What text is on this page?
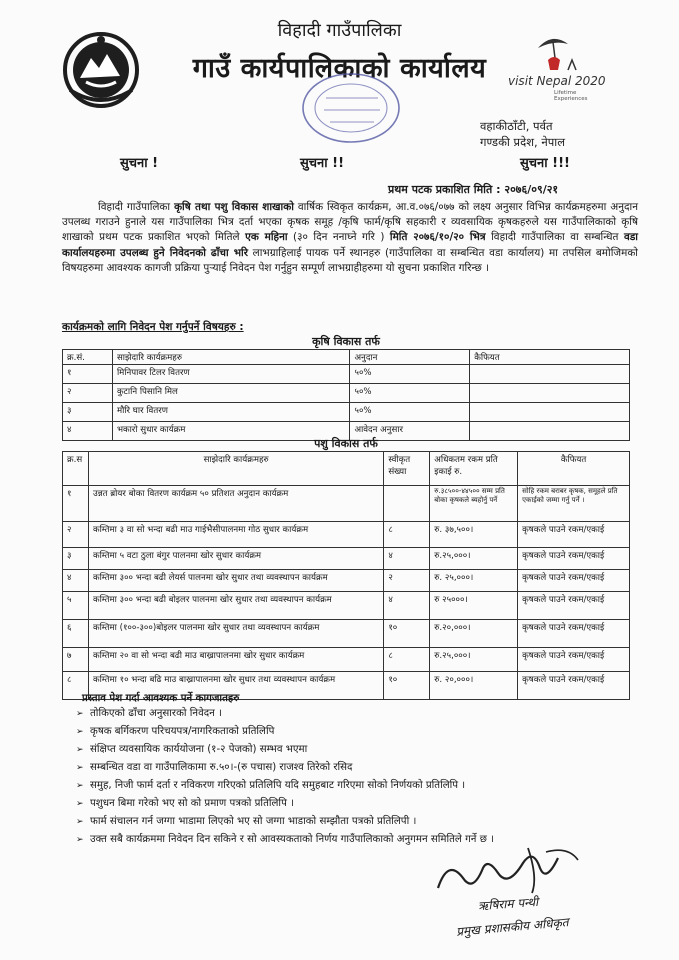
विहादी गाउँपालिका
गाउँ कार्यपालिकाको कार्यालय	visit Nepal 2020
Lifetime Experiences
वहाकीठाँटी, पर्वत
गण्डकी प्रदेश, नेपाल
सुचना !	सुचना !!	सुचना !!!
प्रथम पटक प्रकाशित मिति : २०७६/०९/२१
विहादी गाउँपालिका कृषि तथा पशु विकास शाखाको वार्षिक स्विकृत कार्यक्रम, आ.व.०७६/०७७ को लक्ष्य अनुसार विभिन्न कार्यक्रमहरुमा अनुदान उपलब्ध गराउने हुनाले यस गाउँपालिका भित्र दर्ता भएका कृषक समूह /कृषि फार्म/कृषि सहकारी र व्यवसायिक कृषकहरुले यस गाउँपालिकाको कृषि शाखाको प्रथम पटक प्रकाशित भएको मितिले एक महिना (३० दिन ननाघ्ने गरि ) मिति २०७६/१०/२० भित्र विहादी गाउँपालिका वा सम्बन्धित वडा कार्यालयहरुमा उपलब्ध हुने निवेदनको ढाँचा भरि लाभग्राहिलाई पायक पर्ने स्थानहरु (गाउँपालिका वा सम्बन्धित वडा कार्यालय) मा तपसिल बमोजिमको विषयहरुमा आवश्यक कागजी प्रक्रिया पुऱ्याई निवेदन पेश गर्नुहुन सम्पूर्ण लाभग्राहीहरुमा यो सुचना प्रकाशित गरिन्छ ।
कार्यक्रमको लागि निवेदन पेश गर्नुपर्ने विषयहरु :
कृषि विकास तर्फ
क्र.सं.	साझेदारि कार्यक्रमहरु	अनुदान	कैफियत
१	मिनिपावर टिलर वितरण	५०%	
२	कुटानि पिसानि मिल	५०%	
३	मौरि घार वितरण	५०%	
४	भकारो सुधार कार्यक्रम	आवेदन अनुसार	
पशु विकास तर्फ
क्र.स	साझेदारि कार्यक्रमहरु	स्वीकृत संख्या	अधिकतम रकम प्रति इकाई रु.	कैफियत
१	उन्नत ब्रोयर बोका वितरण कार्यक्रम ५० प्रतिशत अनुदान कार्यक्रम		रु.३८५००-४४५०० सम्म प्रति बोका कृषकले ब्यहोर्नु पर्ने	सोहि रकम बराबर कृषक, समूहले प्रति एकाईको जम्मा गर्नु पर्ने ।
२	कम्तिमा ३ वा सो भन्दा बढी माउ गाईभैसीपालनमा गोठ सुधार कार्यक्रम	८	रु. ३७,५००।	कृषकले पाउने रकम/एकाई
३	कम्तिमा ५ वटा ठुला बंगुर पालनमा खोर सुधार कार्यक्रम	४	रु.२५,०००।	कृषकले पाउने रकम/एकाई
४	कम्तिमा ३०० भन्दा बढी लेयर्स पालनमा खोर सुधार तथा व्यवस्थापन कार्यक्रम	२	रु. २५,०००।	कृषकले पाउने रकम/एकाई
५	कम्तिमा ३०० भन्दा बढी बोइलर पालनमा खोर सुधार तथा व्यवस्थापन कार्यक्रम	४	रु २५०००।	कृषकले पाउने रकम/एकाई
६	कम्तिमा (१००-३००)बोइलर पालनमा खोर सुधार तथा व्यवस्थापन कार्यक्रम	१०	रु.२०,०००।	कृषकले पाउने रकम/एकाई
७	कम्तिमा २० वा सो भन्दा बढी माउ बाख्रापालनमा खोर सुधार कार्यक्रम	८	रु.२५,०००।	कृषकले पाउने रकम/एकाई
८	कम्तिमा १० भन्दा बढि माउ बाख्रापालनमा खोर सुधार तथा व्यवस्थापन कार्यक्रम	१०	रु. २०,०००।	कृषकले पाउने रकम/एकाई
प्रस्ताव पेश गर्दा आवश्यक पर्ने कागजातहरु
➢ तोकिएको ढाँचा अनुसारको निवेदन ।
➢ कृषक बर्गिकरण परिचयपत्र/नागरिकताको प्रतिलिपि
➢ संक्षिप्त व्यवसायिक कार्ययोजना (१-२ पेजको) सम्भव भएमा
➢ सम्बन्धित वडा वा गाउँपालिकामा रु.५०।-(रु पचास) राजश्व तिरेको रसिद
➢ समुह, निजी फार्म दर्ता र नविकरण गरिएको प्रतिलिपि यदि समुहबाट गरिएमा सोको निर्णयको प्रतिलिपि ।
➢ पशुधन बिमा गरेको भए सो को प्रमाण पत्रको प्रतिलिपि ।
➢ फार्म संचालन गर्न जग्गा भाडामा लिएको भए सो जग्गा भाडाको सम्झौता पत्रको प्रतिलिपी ।
➢ उक्त सबै कार्यक्रममा निवेदन दिन सकिने र सो आवस्यकताको निर्णय गाउँपालिकाको अनुगमन समितिले गर्ने छ ।
ऋषिराम पन्थी
प्रमुख प्रशासकीय अधिकृत
